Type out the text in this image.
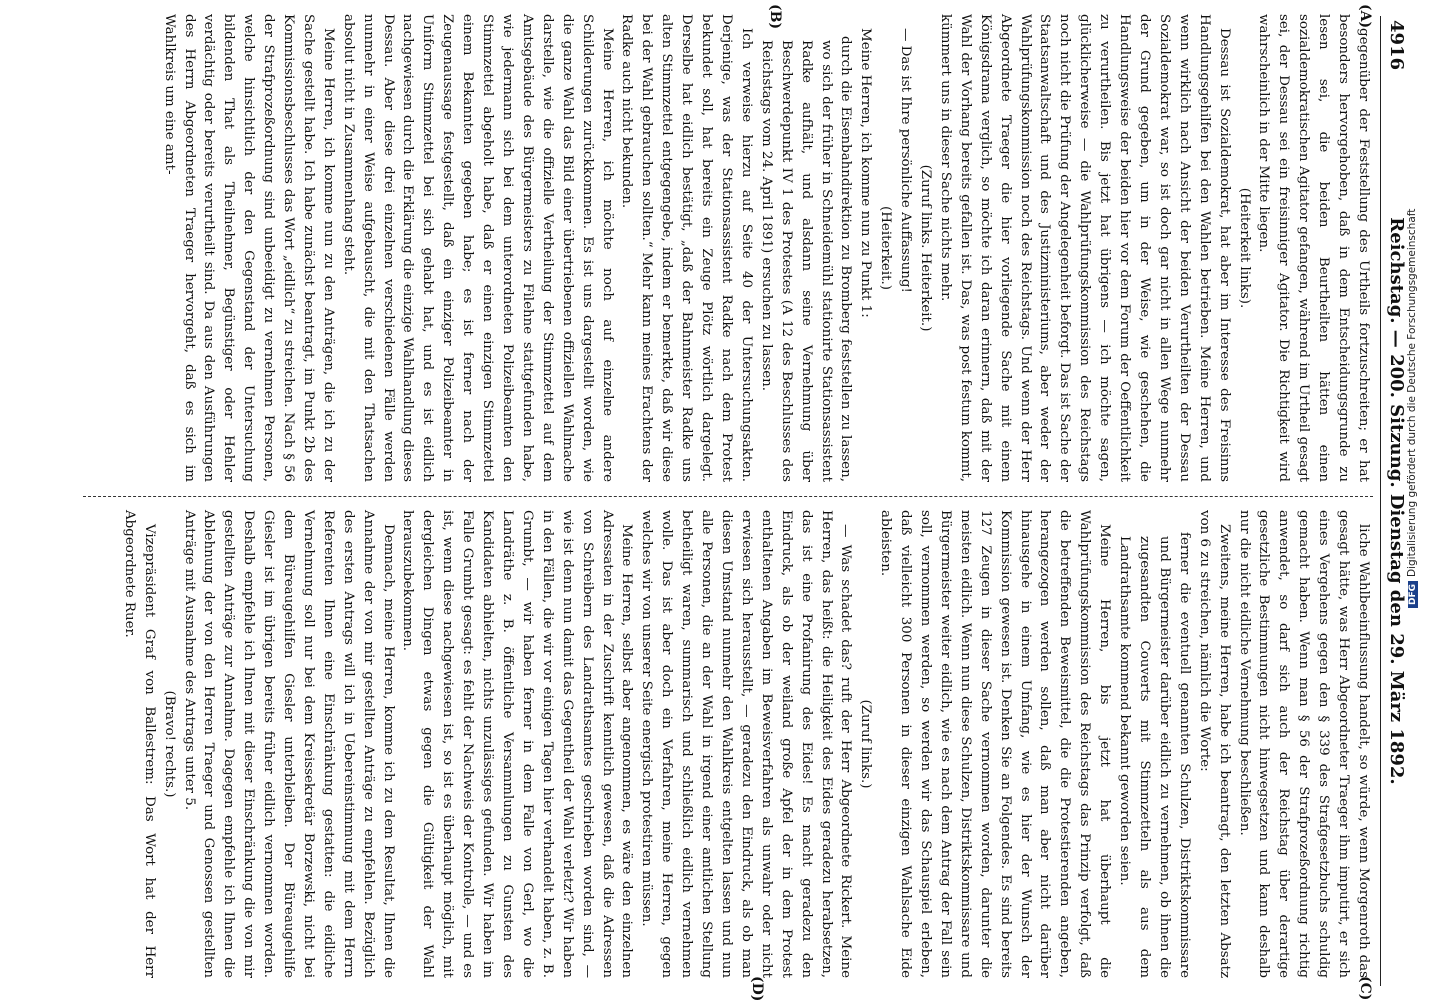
4916
Reichstag. — 200. Sitzung. Dienstag den 29. März 1892.
(A)
(B)
(C)
(D)

gegenüber der Feststellung des Urtheils fortzuschreiten; er hat besonders hervorgehoben, daß in dem Entscheidungsgrunde zu lesen sei, die beiden Beurtheilten hätten einen sozialdemokratischen Agitator gefangen, während im Urtheil gesagt sei, der Dessau sei ein freisinniger Agitator. Die Richtigkeit wird wahrscheinlich in der Mitte liegen.

(Heiterkeit links).

Dessau ist Sozialdemokrat, hat aber im Interesse des Freisinns Handlungsgehilfen bei den Wahlen betrieben. Meine Herren, und wenn wirklich nach Ansicht der beiden Verurtheilten der Dessau Sozialdemokrat war, so ist doch gar nicht in allen Wege nunmehr der Grund gegeben, um in der Weise, wie geschehen, die Handlungsweise der beiden hier vor dem Forum der Oeffentlichkeit zu verurtheilen. Bis jetzt hat übrigens — ich möchte sagen, glücklicherweise — die Wahlprüfungskommission des Reichstags noch nicht die Prüfung der Angelegenheit beforgt. Das ist Sache der Staatsanwaltschaft und des Justizministeriums, aber weder der Wahlprüfungskommission noch des Reichstags. Und wenn der Herr Abgeordnete Traeger die hier vorliegende Sache mit einem Königsdrama verglich, so möchte ich daran erinnern, daß mit der Wahl der Vorhang bereits gefallen ist. Das, was post festum kommt, kümmert uns in dieser Sache nichts mehr.

(Zuruf links. Heiterkeit.)

— Das ist Ihre persönliche Auffassung!

(Heiterkeit.)

Meine Herren, ich komme nun zu Punkt 1:

durch die Eisenbahndirektion zu Bromberg feststellen zu lassen, wo sich der früher in Schneidemühl stationirte Stationsassistent Radke aufhält, und alsdann seine Vernehmung über Beschwerdepunkt IV 1 des Protestes (A 12 des Beschlusses des Reichstags vom 24. April 1891) ersuchen zu lassen.

Ich verweise hierzu auf Seite 40 der Untersuchungsakten. Derjenige, was der Stationsassistent Radke nach dem Protest bekundet soll, hat bereits ein Zeuge Plötz wörtlich dargelegt. Derselbe hat eidlich bestätigt, „daß der Bahnmeister Radke uns alten Stimmzettel entgegengebe, indem er bemerkte, daß wir diese bei der Wahl gebrauchen sollten.“ Mehr kann meines Erachtens der Radke auch nicht bekunden.

Meine Herren, ich möchte noch auf einzelne andere Schilderungen zurückkommen. Es ist uns dargestellt worden, wie die ganze Wahl das Bild einer übertriebenen offiziellen Wahlmache darstelle, wie die offizielle Vertheilung der Stimmzettel auf dem Amtsgebäude des Bürgermeisters zu Filehne stattgefunden habe, wie jedermann sich bei dem unterordneten Polizeibeamten den Stimmzettel abgeholt habe, daß er einen einzigen Stimmzettel einem Bekannten gegeben habe; es ist ferner nach der Zeugenaussage festgestellt, daß ein einziger Polizeibeamter in Uniform Stimmzettel bei sich gehabt hat, und es ist eidlich nachgewiesen durch die Erklärung die einzige Wahlhandlung dieses Dessau. Aber diese drei einzelnen verschiedenen Fälle werden nunmehr in einer Weise aufgebauscht, die mit den Thatsachen absolut nicht in Zusammenhang steht.

Meine Herren, ich komme nun zu den Anträgen, die ich zu der Sache gestellt habe. Ich habe zunächst beantragt, im Punkt 2b des Kommissionsbeschlusses das Wort „eidlich“ zu streichen. Nach § 56 der Strafprozeßordnung sind unbeeidigt zu vernehmen Personen, welche hinsichtlich der den Gegenstand der Untersuchung bildenden That als Theilnehmer, Begünstiger oder Hehler verdächtig oder bereits verurtheilt sind. Da aus den Ausführungen des Herrn Abgeordneten Traeger hervorgeht, daß es sich im Wahlkreis um eine amt-

liche Wahlbeeinflussung handelt, so würde, wenn Morgenroth das gesagt hätte, was Herr Abgeordneter Traeger ihm imputirt, er sich eines Vergehens gegen den § 339 des Strafgesetzbuchs schuldig gemacht haben. Wenn man § 56 der Strafprozeßordnung richtig anwendet, so darf sich auch der Reichstag über derartige gesetzliche Bestimmungen nicht hinwegsetzen und kann deshalb nur die nicht eidliche Vernehmung beschließen.

Zweitens, meine Herren, habe ich beantragt, den letzten Absatz von 6 zu streichen, nämlich die Worte:

ferner die eventuell genannten Schulzen, Distriktskommissare und Bürgermeister darüber eidlich zu vernehmen, ob ihnen die zugesandten Couverts mit Stimmzetteln als aus dem Landrathsamte kommend bekannt geworden seien.

Meine Herren, bis jetzt hat überhaupt die Wahlprüfungskommission des Reichstags das Prinzip verfolgt, daß die betreffenden Beweismittel, die die Protestierenden angeben, herangezogen werden sollen, daß man aber nicht darüber hinausgehe in einem Umfang, wie es hier der Wunsch der Kommission gewesen ist. Denken Sie an Folgendes. Es sind bereits 127 Zeugen in dieser Sache vernommen worden, darunter die meisten eidlich. Wenn nun diese Schulzen, Distriktskommissare und Bürgermeister weiter eidlich, wie es nach dem Antrag der Fall sein soll, vernommen werden, so werden wir das Schauspiel erleben, daß vielleicht 300 Personen in dieser einzigen Wahlsache Eide ableisten.

(Zuruf links.)

— Was schadet das? ruft der Herr Abgeordnete Rickert. Meine Herren, das heißt: die Heiligkeit des Eides geradezu herabsetzen, das ist eine Profanirung des Eides! Es macht geradezu den Eindruck, als ob der weiland große Apfel der in dem Protest enthaltenen Angaben im Beweisverfahren als unwahr oder nicht erwiesen sich herausstellt, — geradezu den Eindruck, als ob man diesen Umstand nunmehr den Wahlkreis entgelten lassen und nun alle Personen, die an der Wahl in irgend einer amtlichen Stellung betheiligt waren, summarisch und schließlich eidlich vernehmen wolle. Das ist aber doch ein Verfahren, meine Herren, gegen welches wir von unserer Seite energisch protestiren müssen.

Meine Herren, selbst aber angenommen, es wäre den einzelnen Adressaten in der Zuschrift kenntlich gewesen, daß die Adressen von Schreibern des Landrathsamtes geschrieben worden sind, — wie ist denn nun damit das Gegentheil der Wahl verletzt? Wir haben in den Fällen, die wir vor einigen Tagen hier verhandelt haben, z. B. Grumbt, — wir haben ferner in dem Falle von Gerl, wo die Landräthe z. B. öffentliche Versammlungen zu Gunsten des Kandidaten abhielten, nichts unzulässiges gefunden. Wir haben im Falle Grumbt gesagt: es fehlt der Nachweis der Kontrolle, — und es ist, wenn diese nachgewiesen ist, so ist es überhaupt möglich, mit dergleichen Dingen etwas gegen die Gültigkeit der Wahl herauszubekommen.

Demnach, meine Herren, komme ich zu dem Resultat, Ihnen die Annahme der von mir gestellten Anträge zu empfehlen. Bezüglich des ersten Antrags will ich in Uebereinstimmung mit dem Herrn Referenten Ihnen eine Einschränkung gestatten: die eidliche Vernehmung soll nur bei dem Kreissekretär Borzewski, nicht bei dem Büreaugehilfen Giesler unterbleiben. Der Büreaugehilfe Giesler ist im übrigen bereits früher eidlich vernommen worden. Deshalb empfehle ich Ihnen mit dieser Einschränkung die von mir gestellten Anträge zur Annahme. Dagegen empfehle ich Ihnen die Ablehnung der von den Herren Traeger und Genossen gestellten Anträge mit Ausnahme des Antrags unter 5.

(Bravo! rechts.)

Vizepräsident Graf von Ballestrem: Das Wort hat der Herr Abgeordnete Ruer.	DFGDigitalisierung gefördert durch die Deutsche Forschungsgemeinschaft
